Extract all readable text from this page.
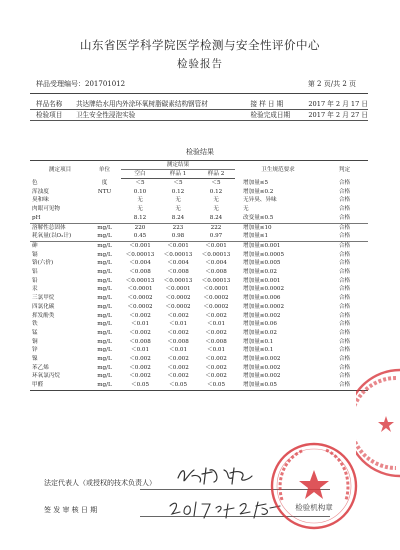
山东省医学科学院医学检测与安全性评价中心
检验报告
样品受理编号：201701012	第 2 页/共 2 页
样品名称	共达牌给水用内外涂环氧树脂碳素结构钢管材	接 样 日 期	2017 年 2 月 17 日
检验项目	卫生安全性浸泡实验	检验完成日期	2017 年 2 月 27 日
检验结果
测定项目	单位	测定结果			卫生规范要求	判定
		空白	样品 1	样品 2		
色	度	＜5	＜5	＜5	增加量≤5	合格
浑浊度	NTU	0.10	0.12	0.12	增加量≤0.2	合格
臭和味		无	无	无	无异臭、异味	合格
肉眼可见物		无	无	无	无	合格
pH		8.12	8.24	8.24	改变量≤0.5	合格
溶解性总固体	mg/L	220	223	222	增加量≤10	合格
耗氧量(以O₂计)	mg/L	0.45	0.98	0.97	增加量≤1	合格
砷	mg/L	＜0.001	＜0.001	＜0.001	增加量≤0.001	合格
镉	mg/L	＜0.00013	＜0.00013	＜0.00013	增加量≤0.0005	合格
铬(六价)	mg/L	＜0.004	＜0.004	＜0.004	增加量≤0.005	合格
铝	mg/L	＜0.008	＜0.008	＜0.008	增加量≤0.02	合格
铅	mg/L	＜0.00013	＜0.00013	＜0.00013	增加量≤0.001	合格
汞	mg/L	＜0.0001	＜0.0001	＜0.0001	增加量≤0.0002	合格
三氯甲烷	mg/L	＜0.0002	＜0.0002	＜0.0002	增加量≤0.006	合格
四氯化碳	mg/L	＜0.0002	＜0.0002	＜0.0002	增加量≤0.0002	合格
挥发酚类	mg/L	＜0.002	＜0.002	＜0.002	增加量≤0.002	合格
铁	mg/L	＜0.01	＜0.01	＜0.01	增加量≤0.06	合格
锰	mg/L	＜0.002	＜0.002	＜0.002	增加量≤0.02	合格
铜	mg/L	＜0.008	＜0.008	＜0.008	增加量≤0.1	合格
锌	mg/L	＜0.01	＜0.01	＜0.01	增加量≤0.1	合格
镍	mg/L	＜0.002	＜0.002	＜0.002	增加量≤0.002	合格
苯乙烯	mg/L	＜0.002	＜0.002	＜0.002	增加量≤0.002	合格
环氧氯丙烷	mg/L	＜0.002	＜0.002	＜0.002	增加量≤0.002	合格
甲醛	mg/L	＜0.05	＜0.05	＜0.05	增加量≤0.05	合格
法定代表人（或授权的技术负责人）
签 发 审 核 日 期	检验机构章
